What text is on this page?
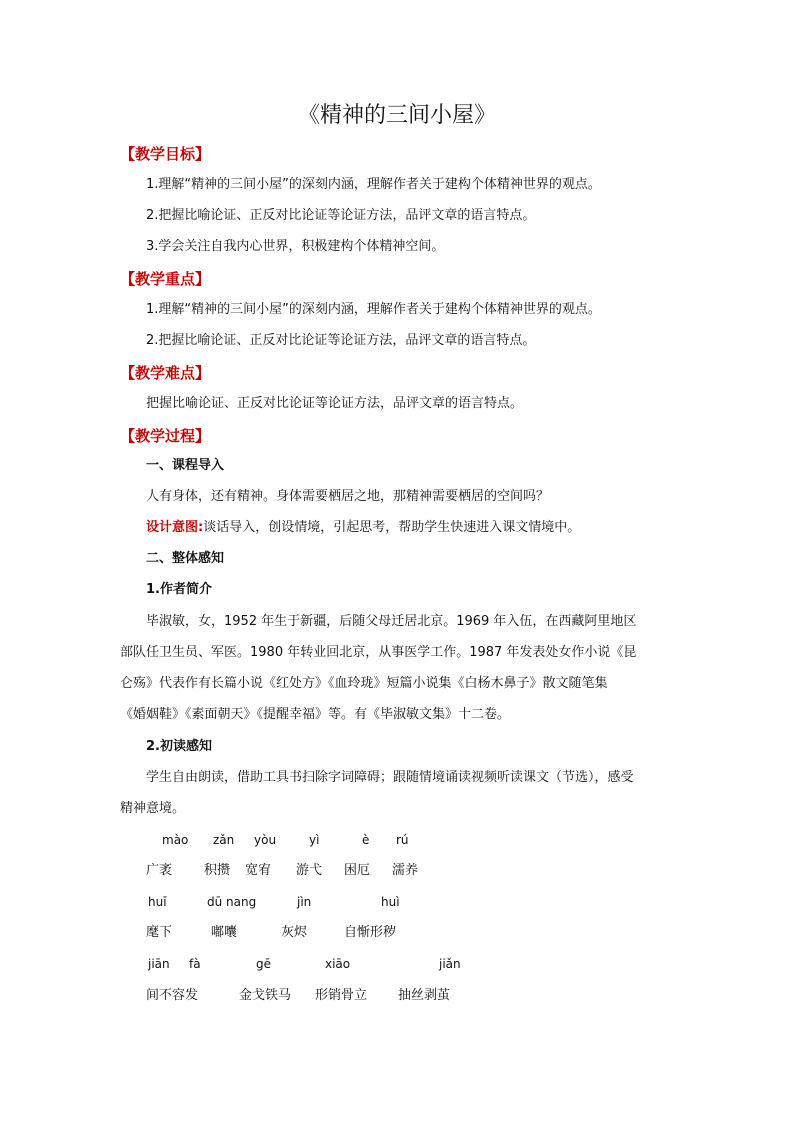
《精神的三间小屋》
【教学目标】
1.理解“精神的三间小屋”的深刻内涵，理解作者关于建构个体精神世界的观点。
2.把握比喻论证、正反对比论证等论证方法，品评文章的语言特点。
3.学会关注自我内心世界，积极建构个体精神空间。
【教学重点】
1.理解“精神的三间小屋”的深刻内涵，理解作者关于建构个体精神世界的观点。
2.把握比喻论证、正反对比论证等论证方法，品评文章的语言特点。
【教学难点】
把握比喻论证、正反对比论证等论证方法，品评文章的语言特点。
【教学过程】
一、课程导入
人有身体，还有精神。身体需要栖居之地，那精神需要栖居的空间吗？
设计意图:谈话导入，创设情境，引起思考，帮助学生快速进入课文情境中。
二、整体感知
1.作者简介
毕淑敏，女，1952 年生于新疆，后随父母迁居北京。1969 年入伍，在西藏阿里地区
部队任卫生员、军医。1980 年转业回北京，从事医学工作。1987 年发表处女作小说《昆
仑殇》代表作有长篇小说《红处方》《血玲珑》短篇小说集《白杨木鼻子》散文随笔集
《婚姻鞋》《素面朝天》《提醒幸福》等。有《毕淑敏文集》十二卷。
2.初读感知
学生自由朗读，借助工具书扫除字词障碍；跟随情境诵读视频听读课文（节选），感受
精神意境。
mào zǎn yòu	yì	è rú
广袤 积攒 宽宥 游弋 困厄 濡养
huī	dū nang	jìn	huì
麾下	嘟囔	灰烬	自惭形秽
jiān fà	gē	xiāo	jiǎn
间不容发	金戈铁马 形销骨立 抽丝剥茧
